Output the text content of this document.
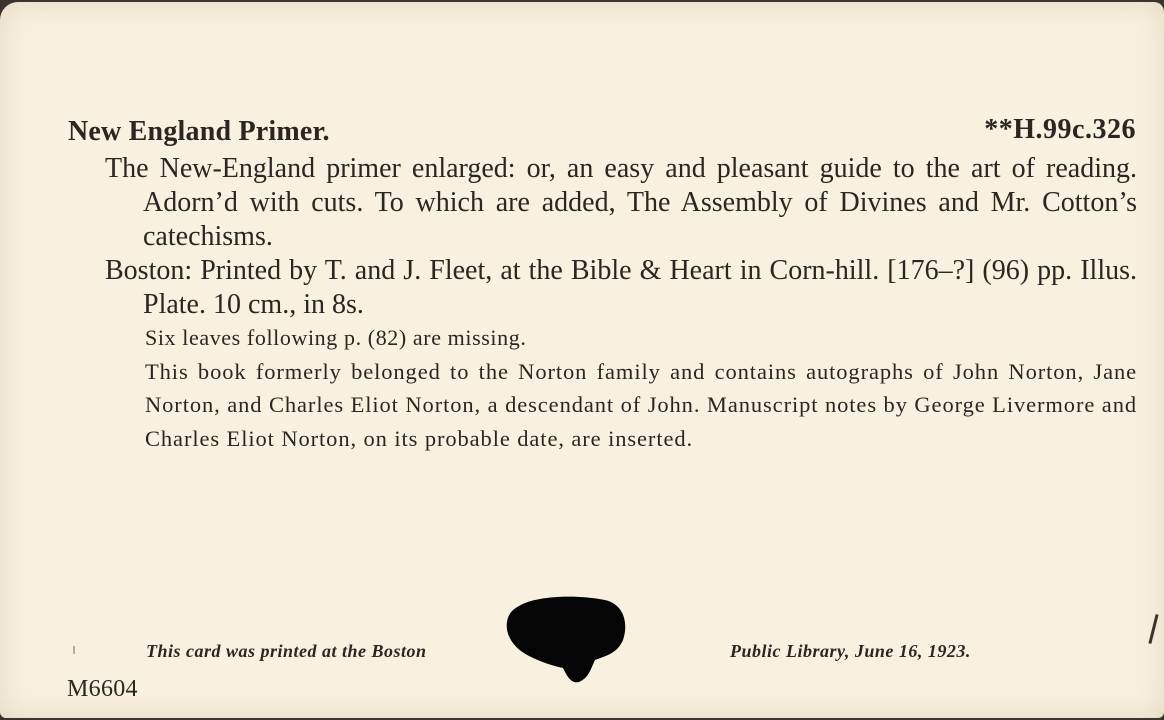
New England Primer.	**H.99c.326

The New-England primer enlarged: or, an easy and pleasant guide to the art of reading. Adorn’d with cuts. To which are added, The Assembly of Divines and Mr. Cotton’s catechisms.

Boston: Printed by T. and J. Fleet, at the Bible & Heart in Corn-hill. [176–?] (96) pp. Illus. Plate. 10 cm., in 8s.

Six leaves following p. (82) are missing.

This book formerly belonged to the Norton family and contains autographs of John Norton, Jane Norton, and Charles Eliot Norton, a descendant of John. Manuscript notes by George Livermore and Charles Eliot Norton, on its probable date, are inserted.

This card was printed at the Boston	Public Library, June 16, 1923.
M6604
